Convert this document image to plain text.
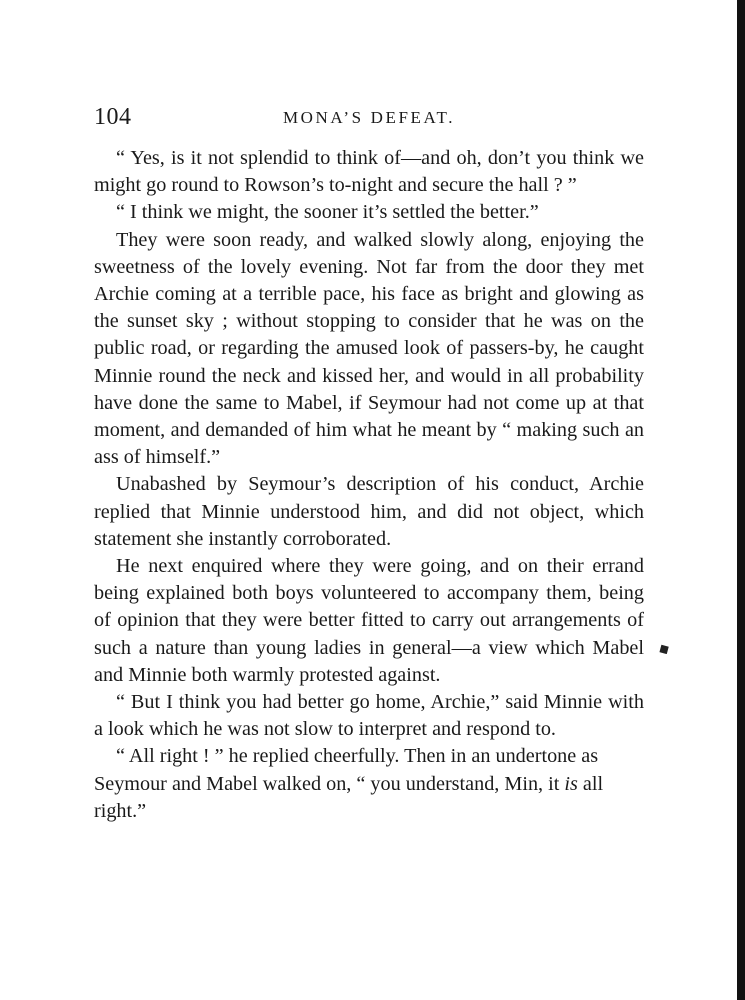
104	MONA’S DEFEAT.

“ Yes, is it not splendid to think of—and oh, don’t you think we might go round to Rowson’s to-night and secure the hall ? ”

“ I think we might, the sooner it’s settled the better.”

They were soon ready, and walked slowly along, enjoying the sweetness of the lovely evening. Not far from the door they met Archie coming at a terrible pace, his face as bright and glowing as the sunset sky ; without stopping to consider that he was on the public road, or regarding the amused look of passers-by, he caught Minnie round the neck and kissed her, and would in all probability have done the same to Mabel, if Seymour had not come up at that moment, and demanded of him what he meant by “ making such an ass of himself.”

Unabashed by Seymour’s description of his conduct, Archie replied that Minnie understood him, and did not object, which statement she instantly corroborated.

He next enquired where they were going, and on their errand being explained both boys volunteered to accompany them, being of opinion that they were better fitted to carry out arrangements of such a nature than young ladies in general—a view which Mabel and Minnie both warmly protested against.

“ But I think you had better go home, Archie,” said Minnie with a look which he was not slow to interpret and respond to.

“ All right ! ” he replied cheerfully. Then in an undertone as Seymour and Mabel walked on, “ you understand, Min, it is all right.”

◆
